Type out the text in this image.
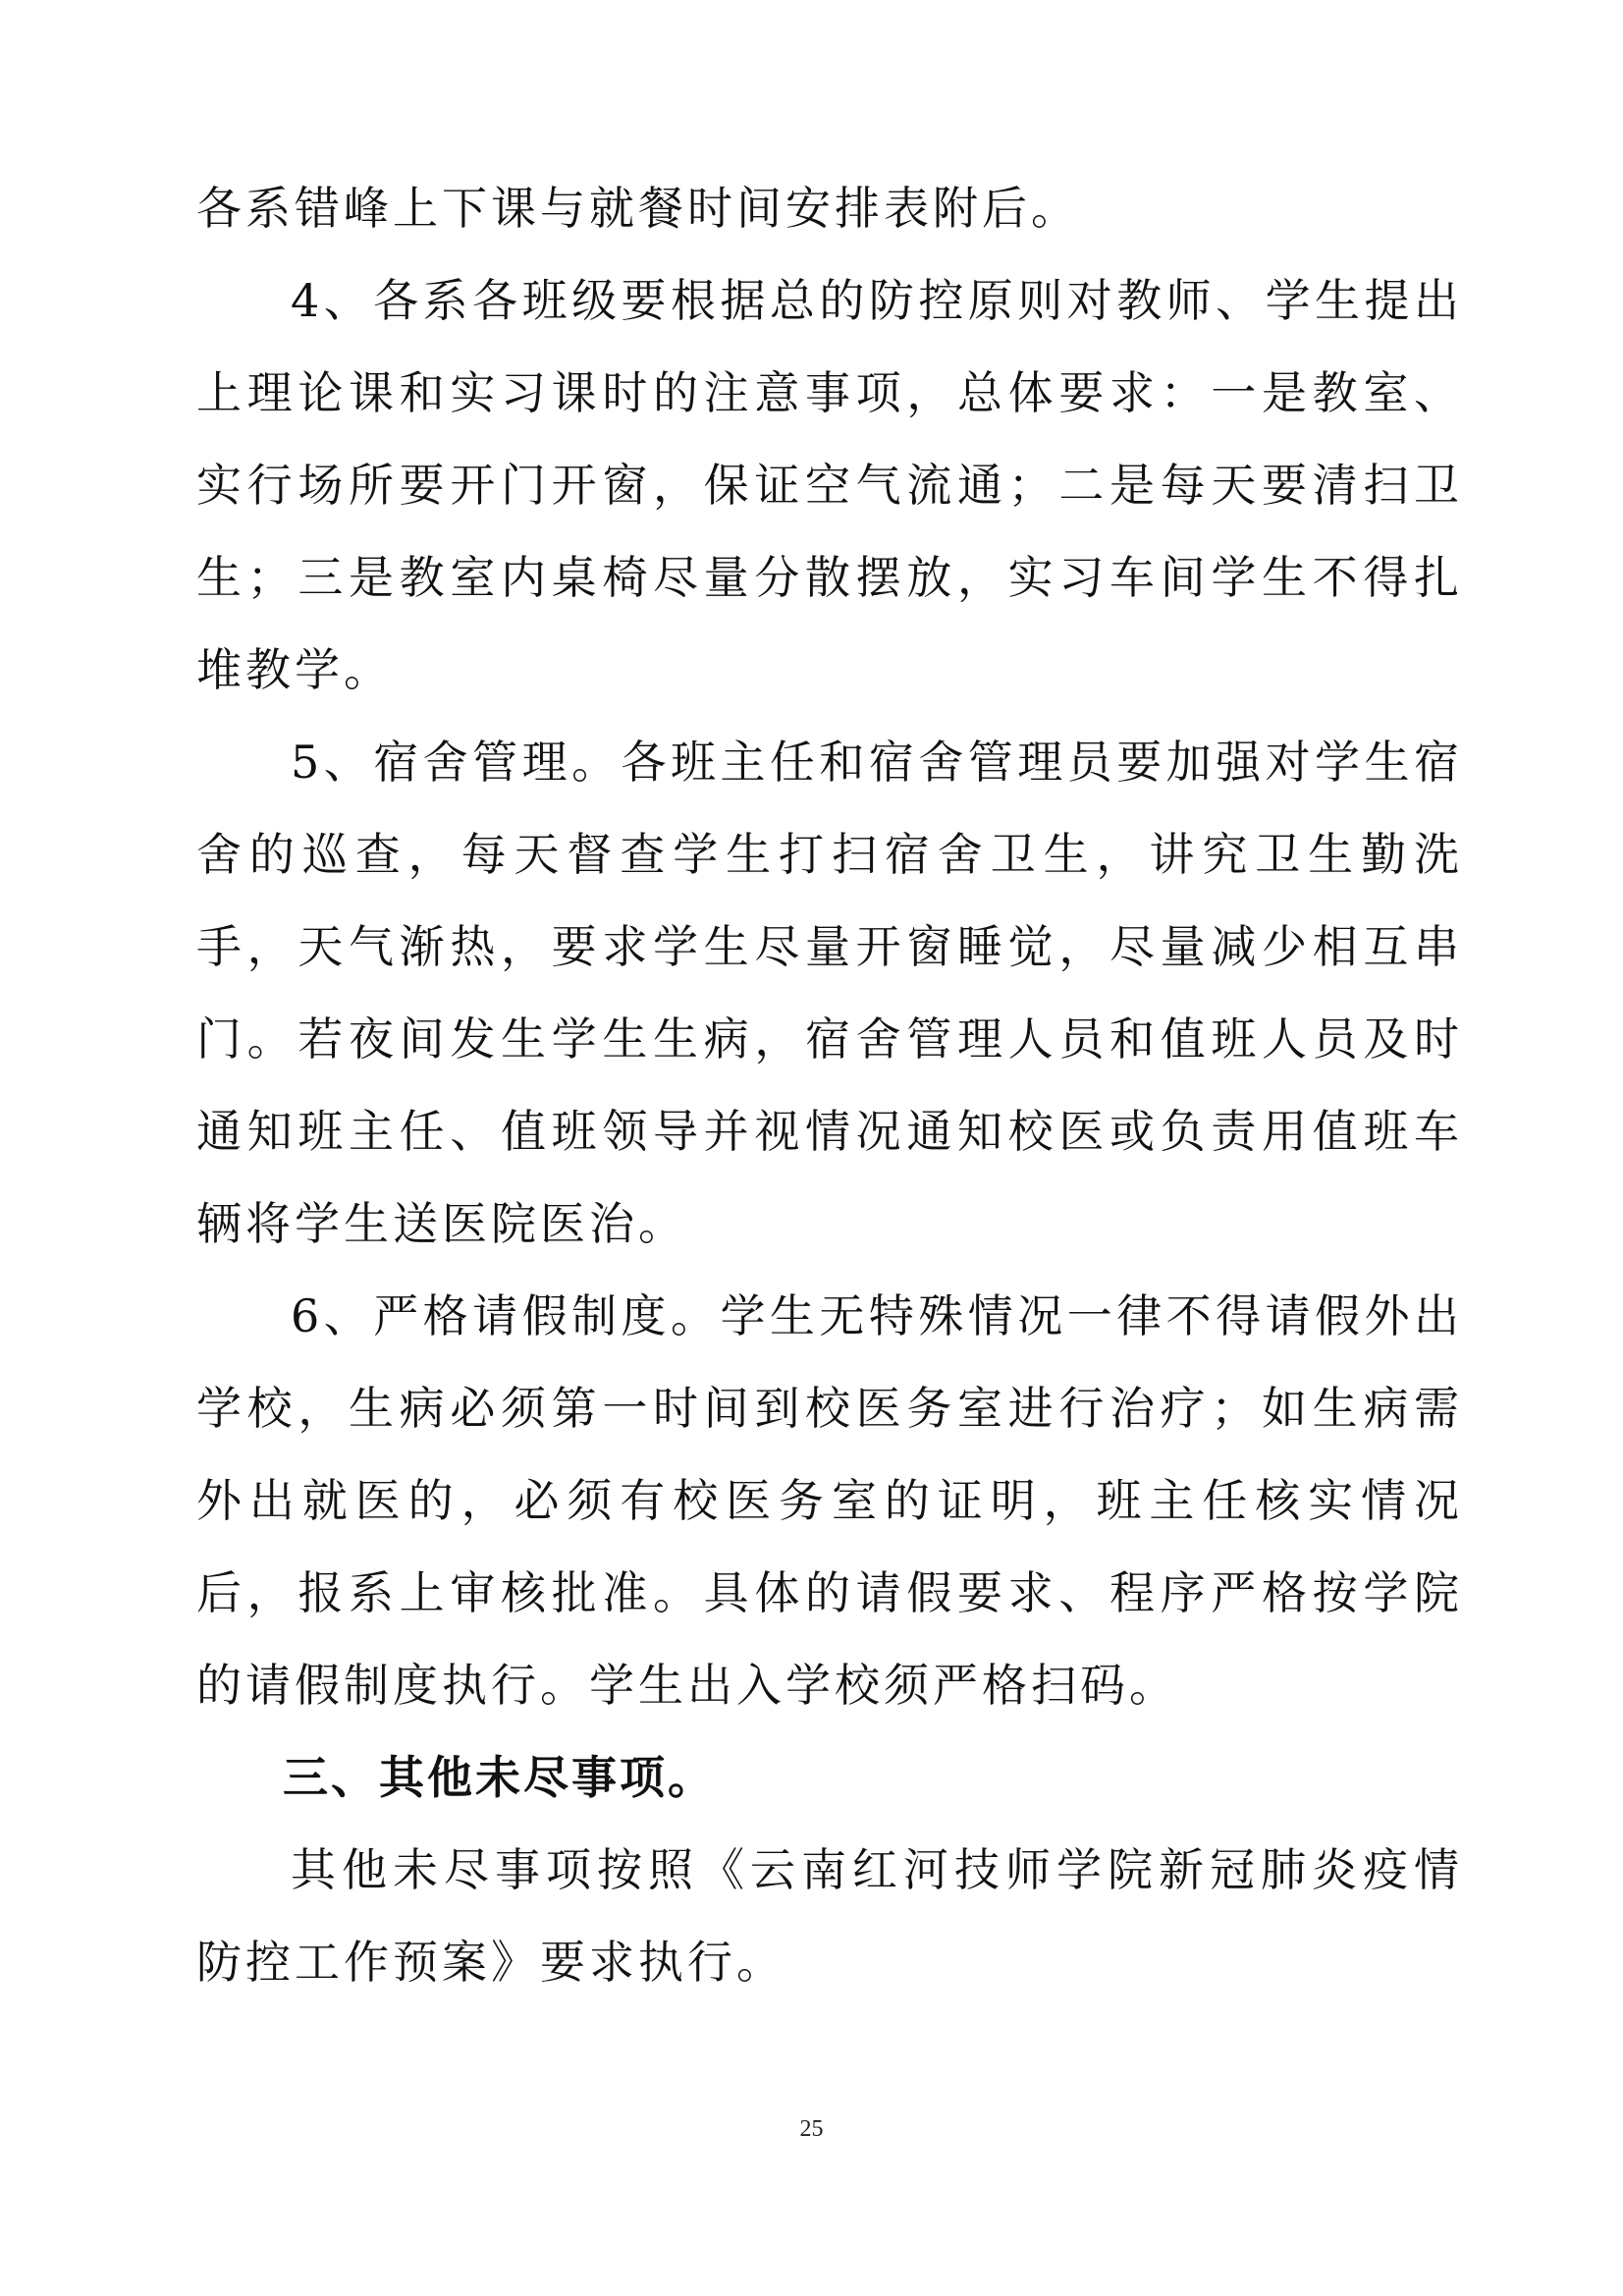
各系错峰上下课与就餐时间安排表附后。

4、各系各班级要根据总的防控原则对教师、学生提出上理论课和实习课时的注意事项，总体要求：一是教室、实行场所要开门开窗，保证空气流通；二是每天要清扫卫生；三是教室内桌椅尽量分散摆放，实习车间学生不得扎堆教学。

5、宿舍管理。各班主任和宿舍管理员要加强对学生宿舍的巡查，每天督查学生打扫宿舍卫生，讲究卫生勤洗手，天气渐热，要求学生尽量开窗睡觉，尽量减少相互串门。若夜间发生学生生病，宿舍管理人员和值班人员及时通知班主任、值班领导并视情况通知校医或负责用值班车辆将学生送医院医治。

6、严格请假制度。学生无特殊情况一律不得请假外出学校，生病必须第一时间到校医务室进行治疗；如生病需外出就医的，必须有校医务室的证明，班主任核实情况后，报系上审核批准。具体的请假要求、程序严格按学院的请假制度执行。学生出入学校须严格扫码。

三、其他未尽事项。

其他未尽事项按照《云南红河技师学院新冠肺炎疫情防控工作预案》要求执行。

25
